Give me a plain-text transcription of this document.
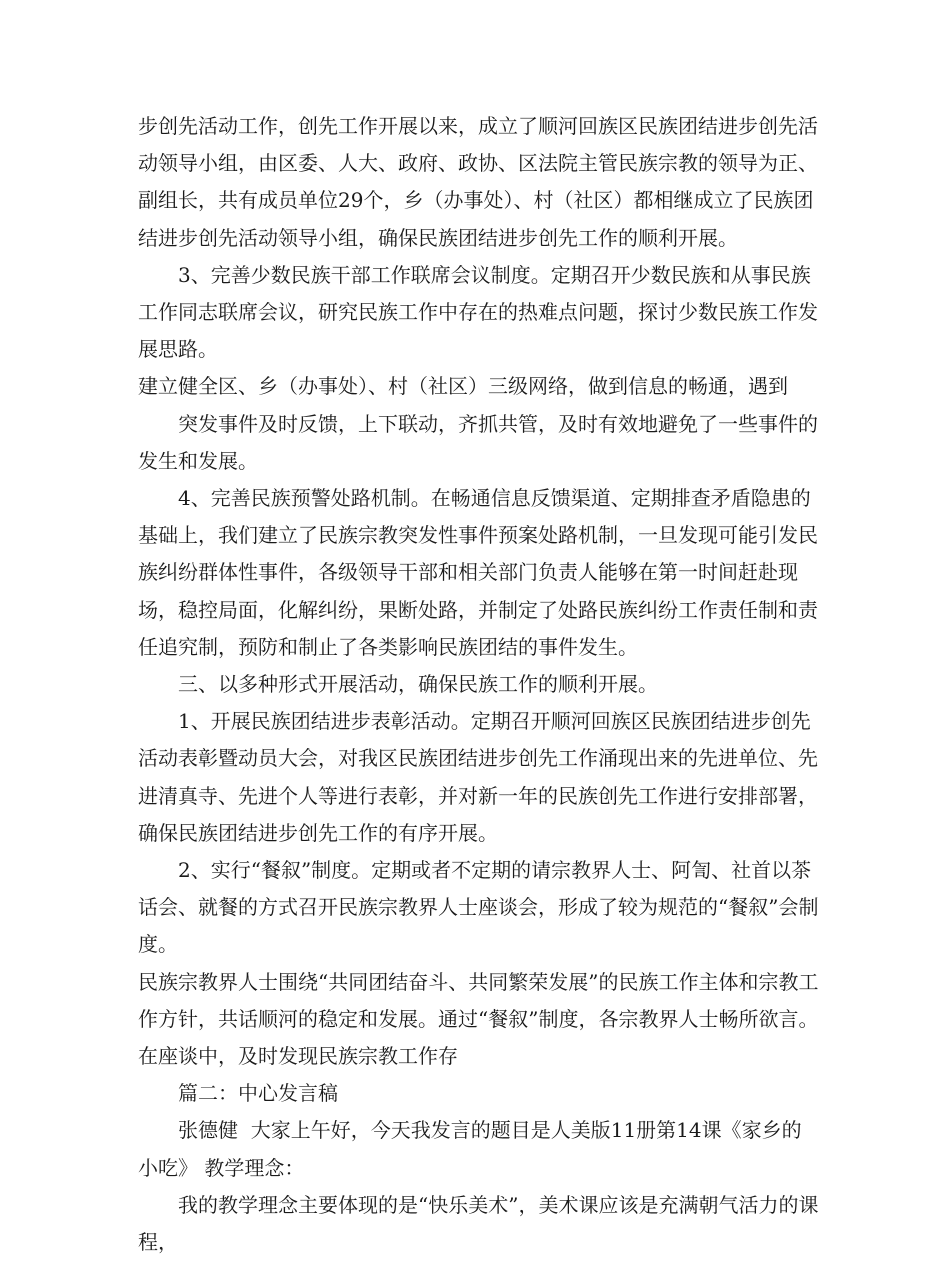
步创先活动工作，创先工作开展以来，成立了顺河回族区民族团结进步创先活动领导小组，由区委、人大、政府、政协、区法院主管民族宗教的领导为正、副组长，共有成员单位29个，乡（办事处）、村（社区）都相继成立了民族团结进步创先活动领导小组，确保民族团结进步创先工作的顺利开展。

3、完善少数民族干部工作联席会议制度。定期召开少数民族和从事民族工作同志联席会议，研究民族工作中存在的热难点问题，探讨少数民族工作发展思路。

建立健全区、乡（办事处）、村（社区）三级网络，做到信息的畅通，遇到

突发事件及时反馈，上下联动，齐抓共管，及时有效地避免了一些事件的发生和发展。

4、完善民族预警处路机制。在畅通信息反馈渠道、定期排查矛盾隐患的基础上，我们建立了民族宗教突发性事件预案处路机制，一旦发现可能引发民族纠纷群体性事件，各级领导干部和相关部门负责人能够在第一时间赶赴现场，稳控局面，化解纠纷，果断处路，并制定了处路民族纠纷工作责任制和责任追究制，预防和制止了各类影响民族团结的事件发生。

三、以多种形式开展活动，确保民族工作的顺利开展。

1、开展民族团结进步表彰活动。定期召开顺河回族区民族团结进步创先活动表彰暨动员大会，对我区民族团结进步创先工作涌现出来的先进单位、先进清真寺、先进个人等进行表彰，并对新一年的民族创先工作进行安排部署，确保民族团结进步创先工作的有序开展。

2、实行“餐叙”制度。定期或者不定期的请宗教界人士、阿訇、社首以茶话会、就餐的方式召开民族宗教界人士座谈会，形成了较为规范的“餐叙”会制度。

民族宗教界人士围绕“共同团结奋斗、共同繁荣发展”的民族工作主体和宗教工作方针，共话顺河的稳定和发展。通过“餐叙”制度，各宗教界人士畅所欲言。在座谈中，及时发现民族宗教工作存

篇二：中心发言稿

张德健  大家上午好，今天我发言的题目是人美版11册第14课《家乡的小吃》 教学理念：

我的教学理念主要体现的是“快乐美术”，美术课应该是充满朝气活力的课程，
